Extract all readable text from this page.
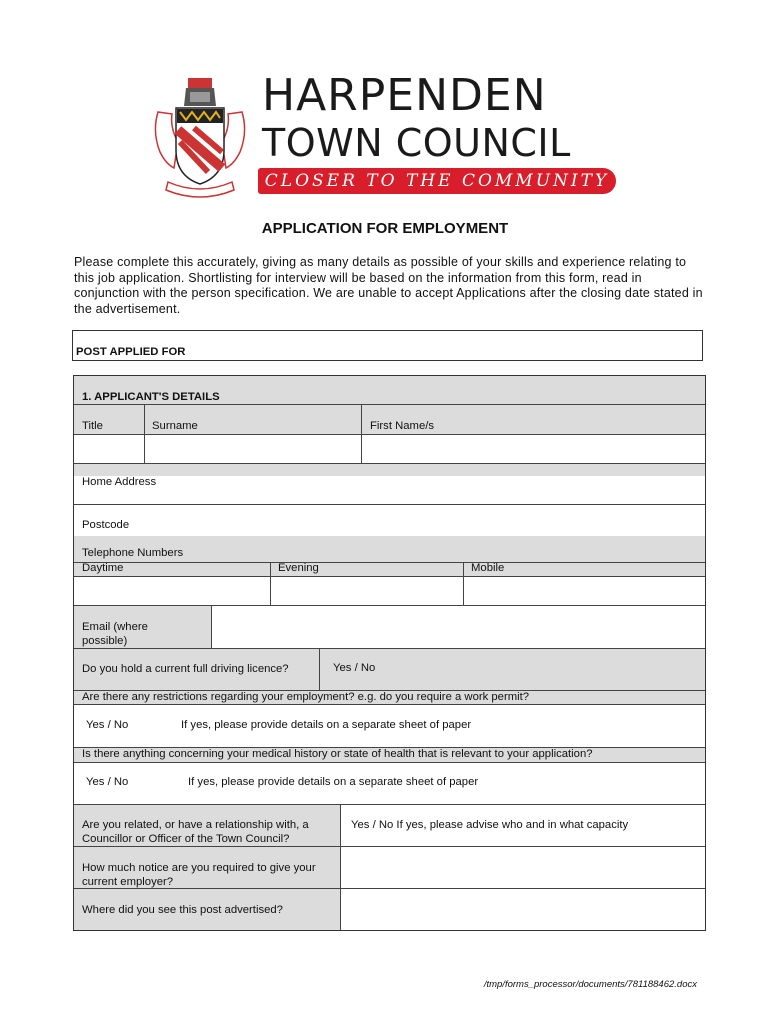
HARPENDEN
TOWN COUNCIL
CLOSER TO THE COMMUNITY
APPLICATION FOR EMPLOYMENT
Please complete this accurately, giving as many details as possible of your skills and experience relating to this job application. Shortlisting for interview will be based on the information from this form, read in conjunction with the person specification. We are unable to accept Applications after the closing date stated in the advertisement.
POST APPLIED FOR
1. APPLICANT'S DETAILS
Title	Surname	First Name/s
Home Address
Postcode
Telephone Numbers
Daytime	Evening	Mobile
Email (where possible)
Do you hold a current full driving licence?	Yes / No
Are there any restrictions regarding your employment? e.g. do you require a work permit?
Yes / No	If yes, please provide details on a separate sheet of paper
Is there anything concerning your medical history or state of health that is relevant to your application?
Yes / No	If yes, please provide details on a separate sheet of paper
Are you related, or have a relationship with, a Councillor or Officer of the Town Council?
Yes / No If yes, please advise who and in what capacity
How much notice are you required to give your current employer?
Where did you see this post advertised?
/tmp/forms_processor/documents/781188462.docx
